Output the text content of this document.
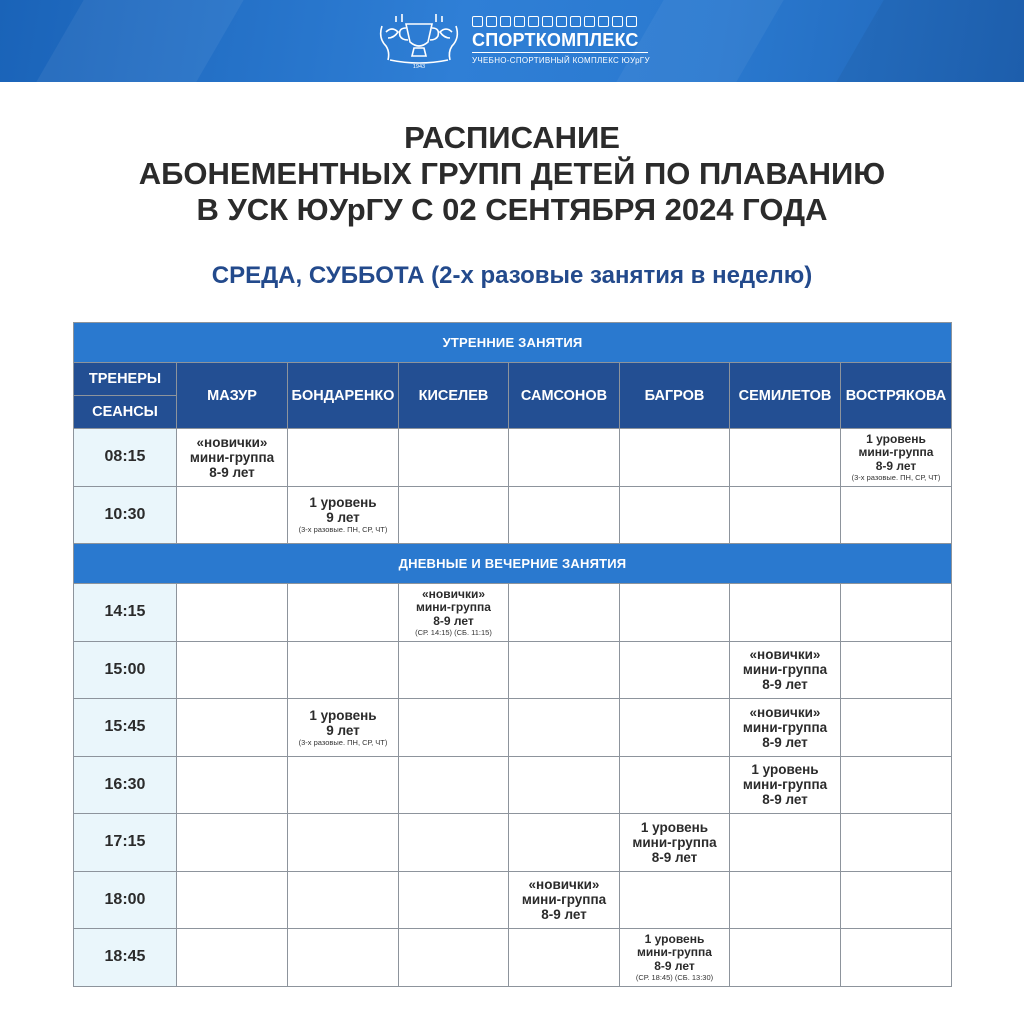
1943
СПОРТКОМПЛЕКС
УЧЕБНО-СПОРТИВНЫЙ КОМПЛЕКС ЮУрГУ
РАСПИСАНИЕ
АБОНЕМЕНТНЫХ ГРУПП ДЕТЕЙ ПО ПЛАВАНИЮ
В УСК ЮУрГУ С 02 СЕНТЯБРЯ 2024 ГОДА
СРЕДА, СУББОТА (2-х разовые занятия в неделю)
УТРЕННИЕ ЗАНЯТИЯ							
ТРЕНЕРЫ	МАЗУР	БОНДАРЕНКО	КИСЕЛЕВ	САМСОНОВ	БАГРОВ	СЕМИЛЕТОВ	ВОСТРЯКОВА
СЕАНСЫ							
08:15	«новички»
мини-группа
8-9 лет						1 уровень
мини-группа
8-9 лет
(3-х разовые. ПН, СР, ЧТ)

10:30		1 уровень
9 лет
(3-х разовые. ПН, СР, ЧТ)					

ДНЕВНЫЕ И ВЕЧЕРНИЕ ЗАНЯТИЯ							
14:15			«новички»
мини-группа
8-9 лет
(СР. 14:15) (СБ. 11:15)				

15:00						«новички»
мини-группа
8-9 лет	

15:45		1 уровень
9 лет
(3-х разовые. ПН, СР, ЧТ)				«новички»
мини-группа
8-9 лет	

16:30						1 уровень
мини-группа
8-9 лет	

17:15					1 уровень
мини-группа
8-9 лет		

18:00				«новички»
мини-группа
8-9 лет			

18:45					1 уровень
мини-группа
8-9 лет
(СР. 18:45) (СБ. 13:30)		
